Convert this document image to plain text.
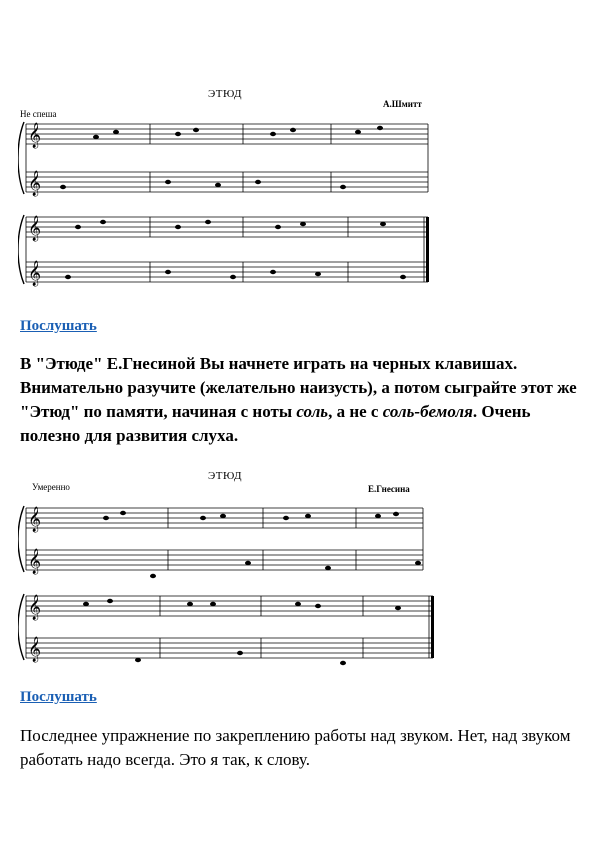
ЭТЮД
Не спеша
А.Шмитт
𝄞
𝄞
𝄞
𝄞
Послушать

В "Этюде" Е.Гнесиной Вы начнете играть на черных клавишах. Внимательно разучите (желательно наизусть), а потом сыграйте этот же "Этюд" по памяти, начиная с ноты соль, а не с соль-бемоля. Очень полезно для развития слуха.

ЭТЮД
Умеренно	Е.Гнесина
𝄞
𝄞
𝄞
𝄞
Послушать

Последнее упражнение по закреплению работы над звуком. Нет, над звуком работать надо всегда. Это я так, к слову.
